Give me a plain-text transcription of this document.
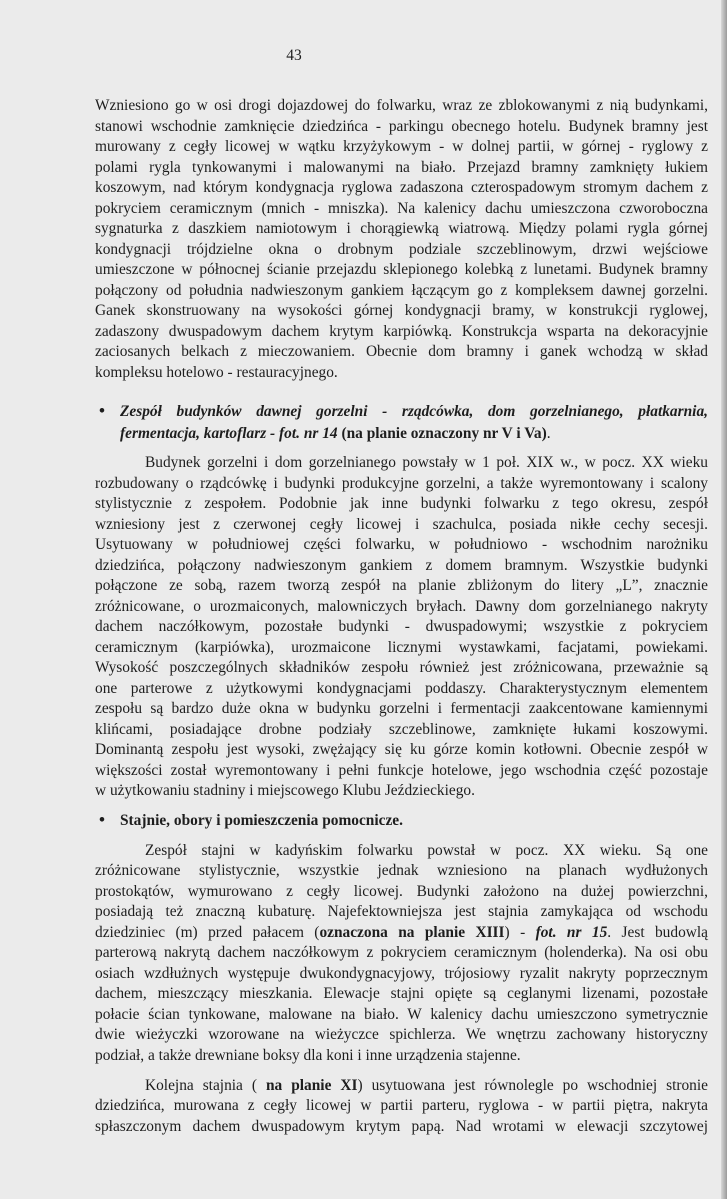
43
Wzniesiono go w osi drogi dojazdowej do folwarku, wraz ze zblokowanymi z nią budynkami,
stanowi wschodnie zamknięcie dziedzińca - parkingu obecnego hotelu. Budynek bramny jest
murowany z cegły licowej w wątku krzyżykowym - w dolnej partii, w górnej - ryglowy z
polami rygla tynkowanymi i malowanymi na biało. Przejazd bramny zamknięty łukiem
koszowym, nad którym kondygnacja ryglowa zadaszona czterospadowym stromym dachem z
pokryciem ceramicznym (mnich - mniszka). Na kalenicy dachu umieszczona czworoboczna
sygnaturka z daszkiem namiotowym i chorągiewką wiatrową. Między polami rygla górnej
kondygnacji trójdzielne okna o drobnym podziale szczeblinowym, drzwi wejściowe
umieszczone w północnej ścianie przejazdu sklepionego kolebką z lunetami. Budynek bramny
połączony od południa nadwieszonym gankiem łączącym go z kompleksem dawnej gorzelni.
Ganek skonstruowany na wysokości górnej kondygnacji bramy, w konstrukcji ryglowej,
zadaszony dwuspadowym dachem krytym karpiówką. Konstrukcja wsparta na dekoracyjnie
zaciosanych belkach z mieczowaniem. Obecnie dom bramny i ganek wchodzą w skład
kompleksu hotelowo - restauracyjnego.
• Zespół budynków dawnej gorzelni - rządcówka, dom gorzelnianego, płatkarnia,
fermentacja, kartoflarz - fot. nr 14 (na planie oznaczony nr V i Va).
Budynek gorzelni i dom gorzelnianego powstały w 1 poł. XIX w., w pocz. XX wieku
rozbudowany o rządcówkę i budynki produkcyjne gorzelni, a także wyremontowany i scalony
stylistycznie z zespołem. Podobnie jak inne budynki folwarku z tego okresu, zespół
wzniesiony jest z czerwonej cegły licowej i szachulca, posiada nikłe cechy secesji.
Usytuowany w południowej części folwarku, w południowo - wschodnim narożniku
dziedzińca, połączony nadwieszonym gankiem z domem bramnym. Wszystkie budynki
połączone ze sobą, razem tworzą zespół na planie zbliżonym do litery „L”, znacznie
zróżnicowane, o urozmaiconych, malowniczych bryłach. Dawny dom gorzelnianego nakryty
dachem naczółkowym, pozostałe budynki - dwuspadowymi; wszystkie z pokryciem
ceramicznym (karpiówka), urozmaicone licznymi wystawkami, facjatami, powiekami.
Wysokość poszczególnych składników zespołu również jest zróżnicowana, przeważnie są
one parterowe z użytkowymi kondygnacjami poddaszy. Charakterystycznym elementem
zespołu są bardzo duże okna w budynku gorzelni i fermentacji zaakcentowane kamiennymi
klińcami, posiadające drobne podziały szczeblinowe, zamknięte łukami koszowymi.
Dominantą zespołu jest wysoki, zwężający się ku górze komin kotłowni. Obecnie zespół w
większości został wyremontowany i pełni funkcje hotelowe, jego wschodnia część pozostaje
w użytkowaniu stadniny i miejscowego Klubu Jeździeckiego.
• Stajnie, obory i pomieszczenia pomocnicze.
Zespół stajni w kadyńskim folwarku powstał w pocz. XX wieku. Są one
zróżnicowane stylistycznie, wszystkie jednak wzniesiono na planach wydłużonych
prostokątów, wymurowano z cegły licowej. Budynki założono na dużej powierzchni,
posiadają też znaczną kubaturę. Najefektowniejsza jest stajnia zamykająca od wschodu
dziedziniec (m) przed pałacem (oznaczona na planie XIII) - fot. nr 15. Jest budowlą
parterową nakrytą dachem naczółkowym z pokryciem ceramicznym (holenderka). Na osi obu
osiach wzdłużnych występuje dwukondygnacyjowy, trójosiowy ryzalit nakryty poprzecznym
dachem, mieszczący mieszkania. Elewacje stajni opięte są ceglanymi lizenami, pozostałe
połacie ścian tynkowane, malowane na biało. W kalenicy dachu umieszczono symetrycznie
dwie wieżyczki wzorowane na wieżyczce spichlerza. We wnętrzu zachowany historyczny
podział, a także drewniane boksy dla koni i inne urządzenia stajenne.
Kolejna stajnia ( na planie XI) usytuowana jest równolegle po wschodniej stronie
dziedzińca, murowana z cegły licowej w partii parteru, ryglowa - w partii piętra, nakryta
spłaszczonym dachem dwuspadowym krytym papą. Nad wrotami w elewacji szczytowej
